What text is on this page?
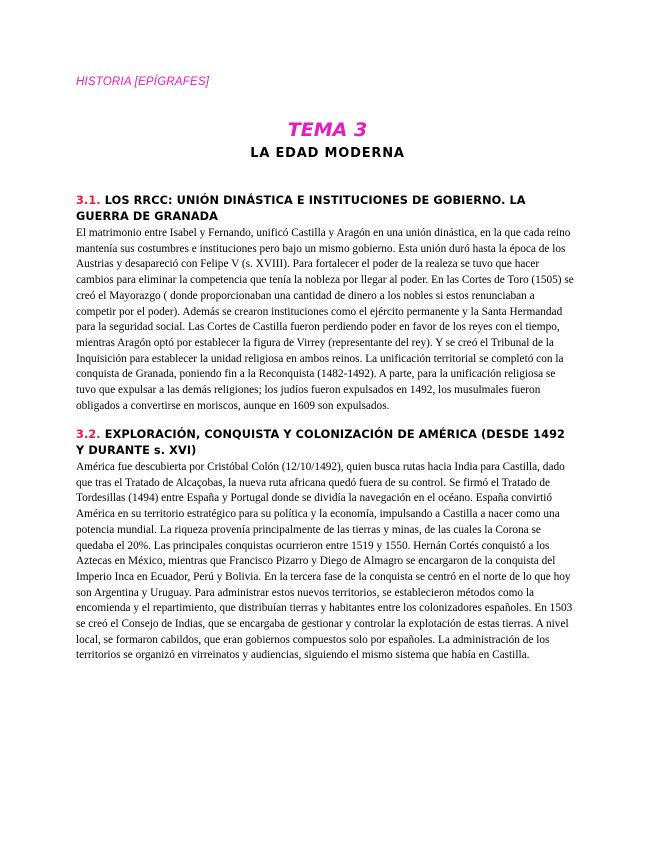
HISTORIA [EPÍGRAFES]
TEMA 3
LA EDAD MODERNA

3.1. LOS RRCC: UNIÓN DINÁSTICA E INSTITUCIONES DE GOBIERNO. LA GUERRA DE GRANADA

El matrimonio entre Isabel y Fernando, unificó Castilla y Aragón en una unión dinástica, en la que cada reino mantenía sus costumbres e instituciones pero bajo un mismo gobierno. Esta unión duró hasta la época de los Austrias y desapareció con Felipe V (s. XVIII). Para fortalecer el poder de la realeza se tuvo que hacer cambios para eliminar la competencia que tenía la nobleza por llegar al poder. En las Cortes de Toro (1505) se creó el Mayorazgo ( donde proporcionaban una cantidad de dinero a los nobles si estos renunciaban a competir por el poder). Además se crearon instituciones como el ejército permanente y la Santa Hermandad para la seguridad social. Las Cortes de Castilla fueron perdiendo poder en favor de los reyes con el tiempo, mientras Aragón optó por establecer la figura de Virrey (representante del rey). Y se creó el Tribunal de la Inquisición para establecer la unidad religiosa en ambos reinos. La unificación territorial se completó con la conquista de Granada, poniendo fin a la Reconquista (1482-1492). A parte, para la unificación religiosa se tuvo que expulsar a las demás religiones; los judíos fueron expulsados en 1492, los musulmales fueron obligados a convertirse en moriscos, aunque en 1609 son expulsados.

3.2. EXPLORACIÓN, CONQUISTA Y COLONIZACIÓN DE AMÉRICA (DESDE 1492 Y DURANTE s. XVI)

América fue descubierta por Cristóbal Colón (12/10/1492), quien busca rutas hacia India para Castilla, dado que tras el Tratado de Alcaçobas, la nueva ruta africana quedó fuera de su control. Se firmó el Tratado de Tordesillas (1494) entre España y Portugal donde se dividía la navegación en el océano. España convirtió América en su territorio estratégico para su política y la economía, impulsando a Castilla a nacer como una potencia mundial. La riqueza provenía principalmente de las tierras y minas, de las cuales la Corona se quedaba el 20%. Las principales conquistas ocurrieron entre 1519 y 1550. Hernán Cortés conquistó a los Aztecas en México, mientras que Francisco Pizarro y Diego de Almagro se encargaron de la conquista del Imperio Inca en Ecuador, Perú y Bolivia. En la tercera fase de la conquista se centró en el norte de lo que hoy son Argentina y Uruguay. Para administrar estos nuevos territorios, se establecieron métodos como la encomienda y el repartimiento, que distribuían tierras y habitantes entre los colonizadores españoles. En 1503 se creó el Consejo de Indias, que se encargaba de gestionar y controlar la explotación de estas tierras. A nivel local, se formaron cabildos, que eran gobiernos compuestos solo por españoles. La administración de los territorios se organizó en virreinatos y audiencias, siguiendo el mismo sistema que había en Castilla.
